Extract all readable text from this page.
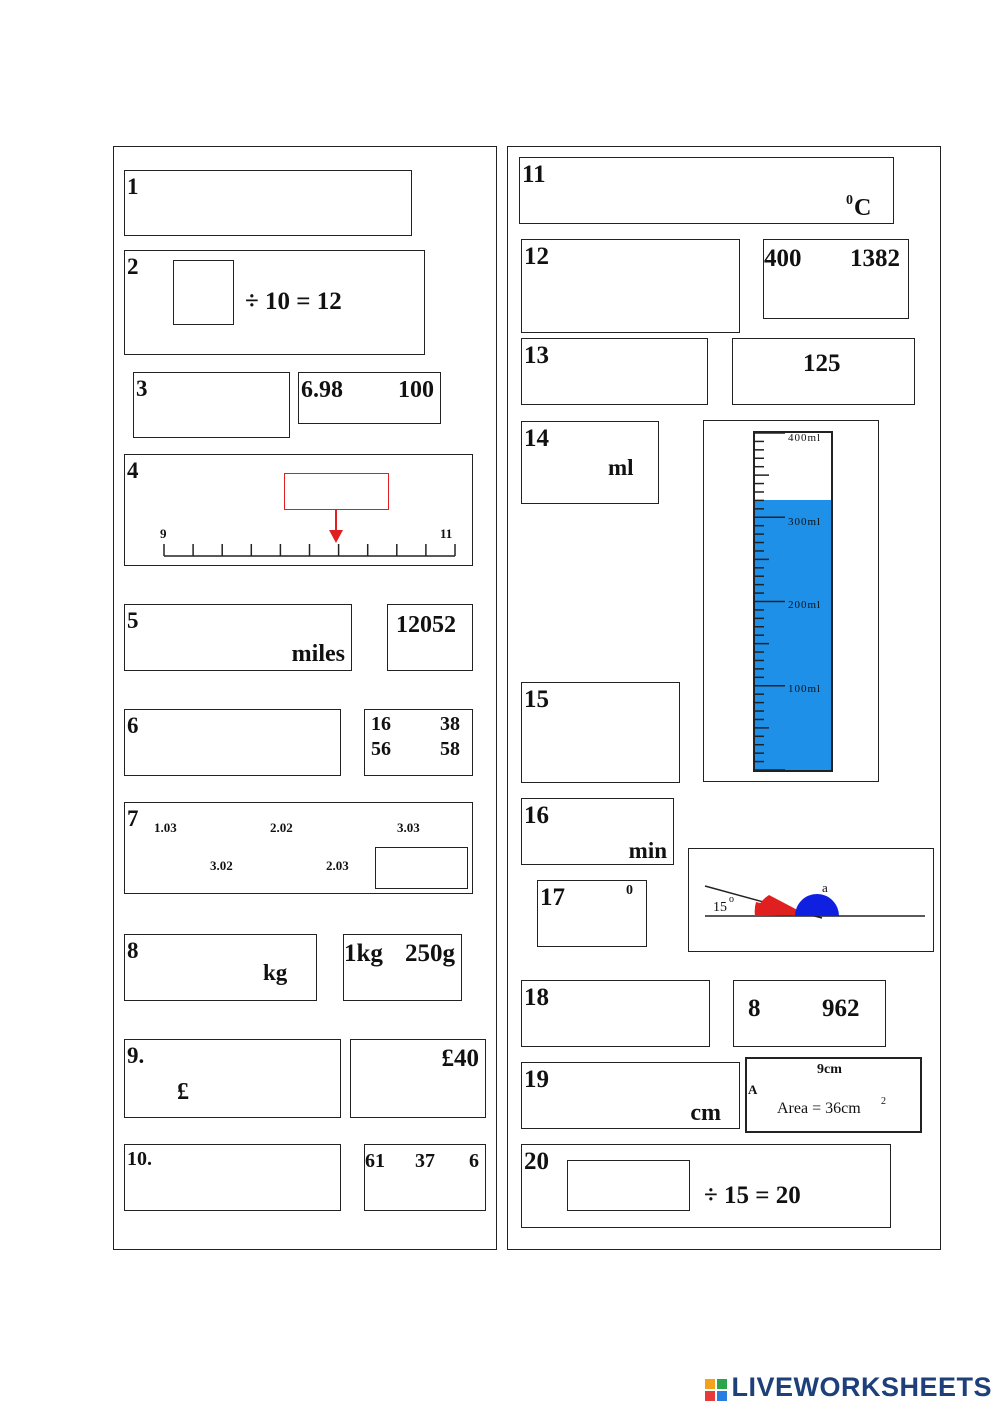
1
2
÷ 10 = 12
3	6.98 100
4
9	11
5
miles
12052
6	16 38
56 58
7 1.03	2.02	3.03
3.02	2.03
8
kg
1kg 250g
9.
£
£40
10.	61 37 6
11
0 C
12	400 1382
13	125
14
ml
400ml
300ml
200ml
100ml
15
16
min
17	0
15
o
a
18	8 962
19
cm
9cm
A
Area = 36cm 2
20
÷ 15 = 20
LIVEWORKSHEETS
